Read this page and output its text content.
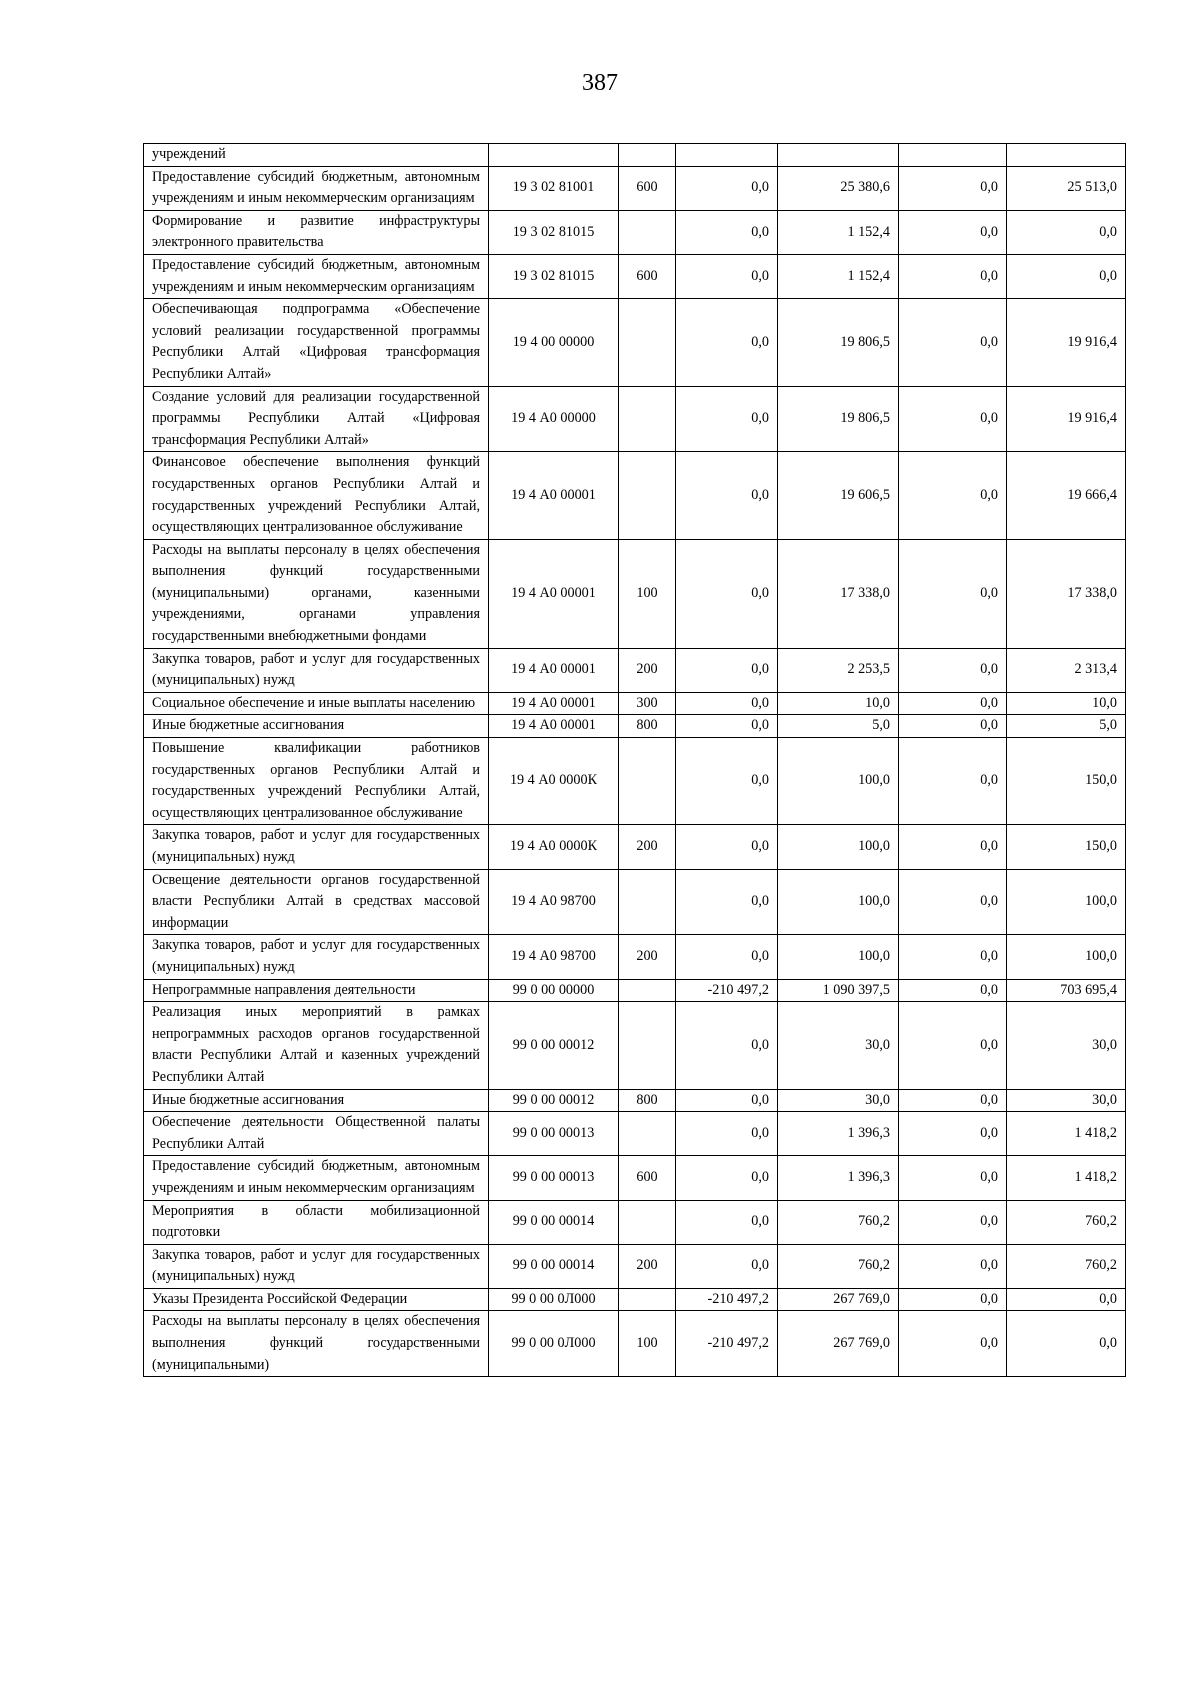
387
учреждений						
Предоставление субсидий бюджетным, автономным учреждениям и иным некоммерческим организациям	19 3 02 81001	600	0,0	25 380,6	0,0	25 513,0
Формирование и развитие инфраструктуры электронного правительства	19 3 02 81015		0,0	1 152,4	0,0	0,0
Предоставление субсидий бюджетным, автономным учреждениям и иным некоммерческим организациям	19 3 02 81015	600	0,0	1 152,4	0,0	0,0
Обеспечивающая подпрограмма «Обеспечение условий реализации государственной программы Республики Алтай «Цифровая трансформация Республики Алтай»	19 4 00 00000		0,0	19 806,5	0,0	19 916,4
Создание условий для реализации государственной программы Республики Алтай «Цифровая трансформация Республики Алтай»	19 4 А0 00000		0,0	19 806,5	0,0	19 916,4
Финансовое обеспечение выполнения функций государственных органов Республики Алтай и государственных учреждений Республики Алтай, осуществляющих централизованное обслуживание	19 4 А0 00001		0,0	19 606,5	0,0	19 666,4
Расходы на выплаты персоналу в целях обеспечения выполнения функций государственными (муниципальными) органами, казенными учреждениями, органами управления государственными внебюджетными фондами	19 4 А0 00001	100	0,0	17 338,0	0,0	17 338,0
Закупка товаров, работ и услуг для государственных (муниципальных) нужд	19 4 А0 00001	200	0,0	2 253,5	0,0	2 313,4
Социальное обеспечение и иные выплаты населению	19 4 А0 00001	300	0,0	10,0	0,0	10,0
Иные бюджетные ассигнования	19 4 А0 00001	800	0,0	5,0	0,0	5,0
Повышение квалификации работников государственных органов Республики Алтай и государственных учреждений Республики Алтай, осуществляющих централизованное обслуживание	19 4 А0 0000К		0,0	100,0	0,0	150,0
Закупка товаров, работ и услуг для государственных (муниципальных) нужд	19 4 А0 0000К	200	0,0	100,0	0,0	150,0
Освещение деятельности органов государственной власти Республики Алтай в средствах массовой информации	19 4 А0 98700		0,0	100,0	0,0	100,0
Закупка товаров, работ и услуг для государственных (муниципальных) нужд	19 4 А0 98700	200	0,0	100,0	0,0	100,0
Непрограммные направления деятельности	99 0 00 00000		-210 497,2	1 090 397,5	0,0	703 695,4
Реализация иных мероприятий в рамках непрограммных расходов органов государственной власти Республики Алтай и казенных учреждений Республики Алтай	99 0 00 00012		0,0	30,0	0,0	30,0
Иные бюджетные ассигнования	99 0 00 00012	800	0,0	30,0	0,0	30,0
Обеспечение деятельности Общественной палаты Республики Алтай	99 0 00 00013		0,0	1 396,3	0,0	1 418,2
Предоставление субсидий бюджетным, автономным учреждениям и иным некоммерческим организациям	99 0 00 00013	600	0,0	1 396,3	0,0	1 418,2
Мероприятия в области мобилизационной подготовки	99 0 00 00014		0,0	760,2	0,0	760,2
Закупка товаров, работ и услуг для государственных (муниципальных) нужд	99 0 00 00014	200	0,0	760,2	0,0	760,2
Указы Президента Российской Федерации	99 0 00 0Л000		-210 497,2	267 769,0	0,0	0,0
Расходы на выплаты персоналу в целях обеспечения выполнения функций государственными (муниципальными)	99 0 00 0Л000	100	-210 497,2	267 769,0	0,0	0,0
